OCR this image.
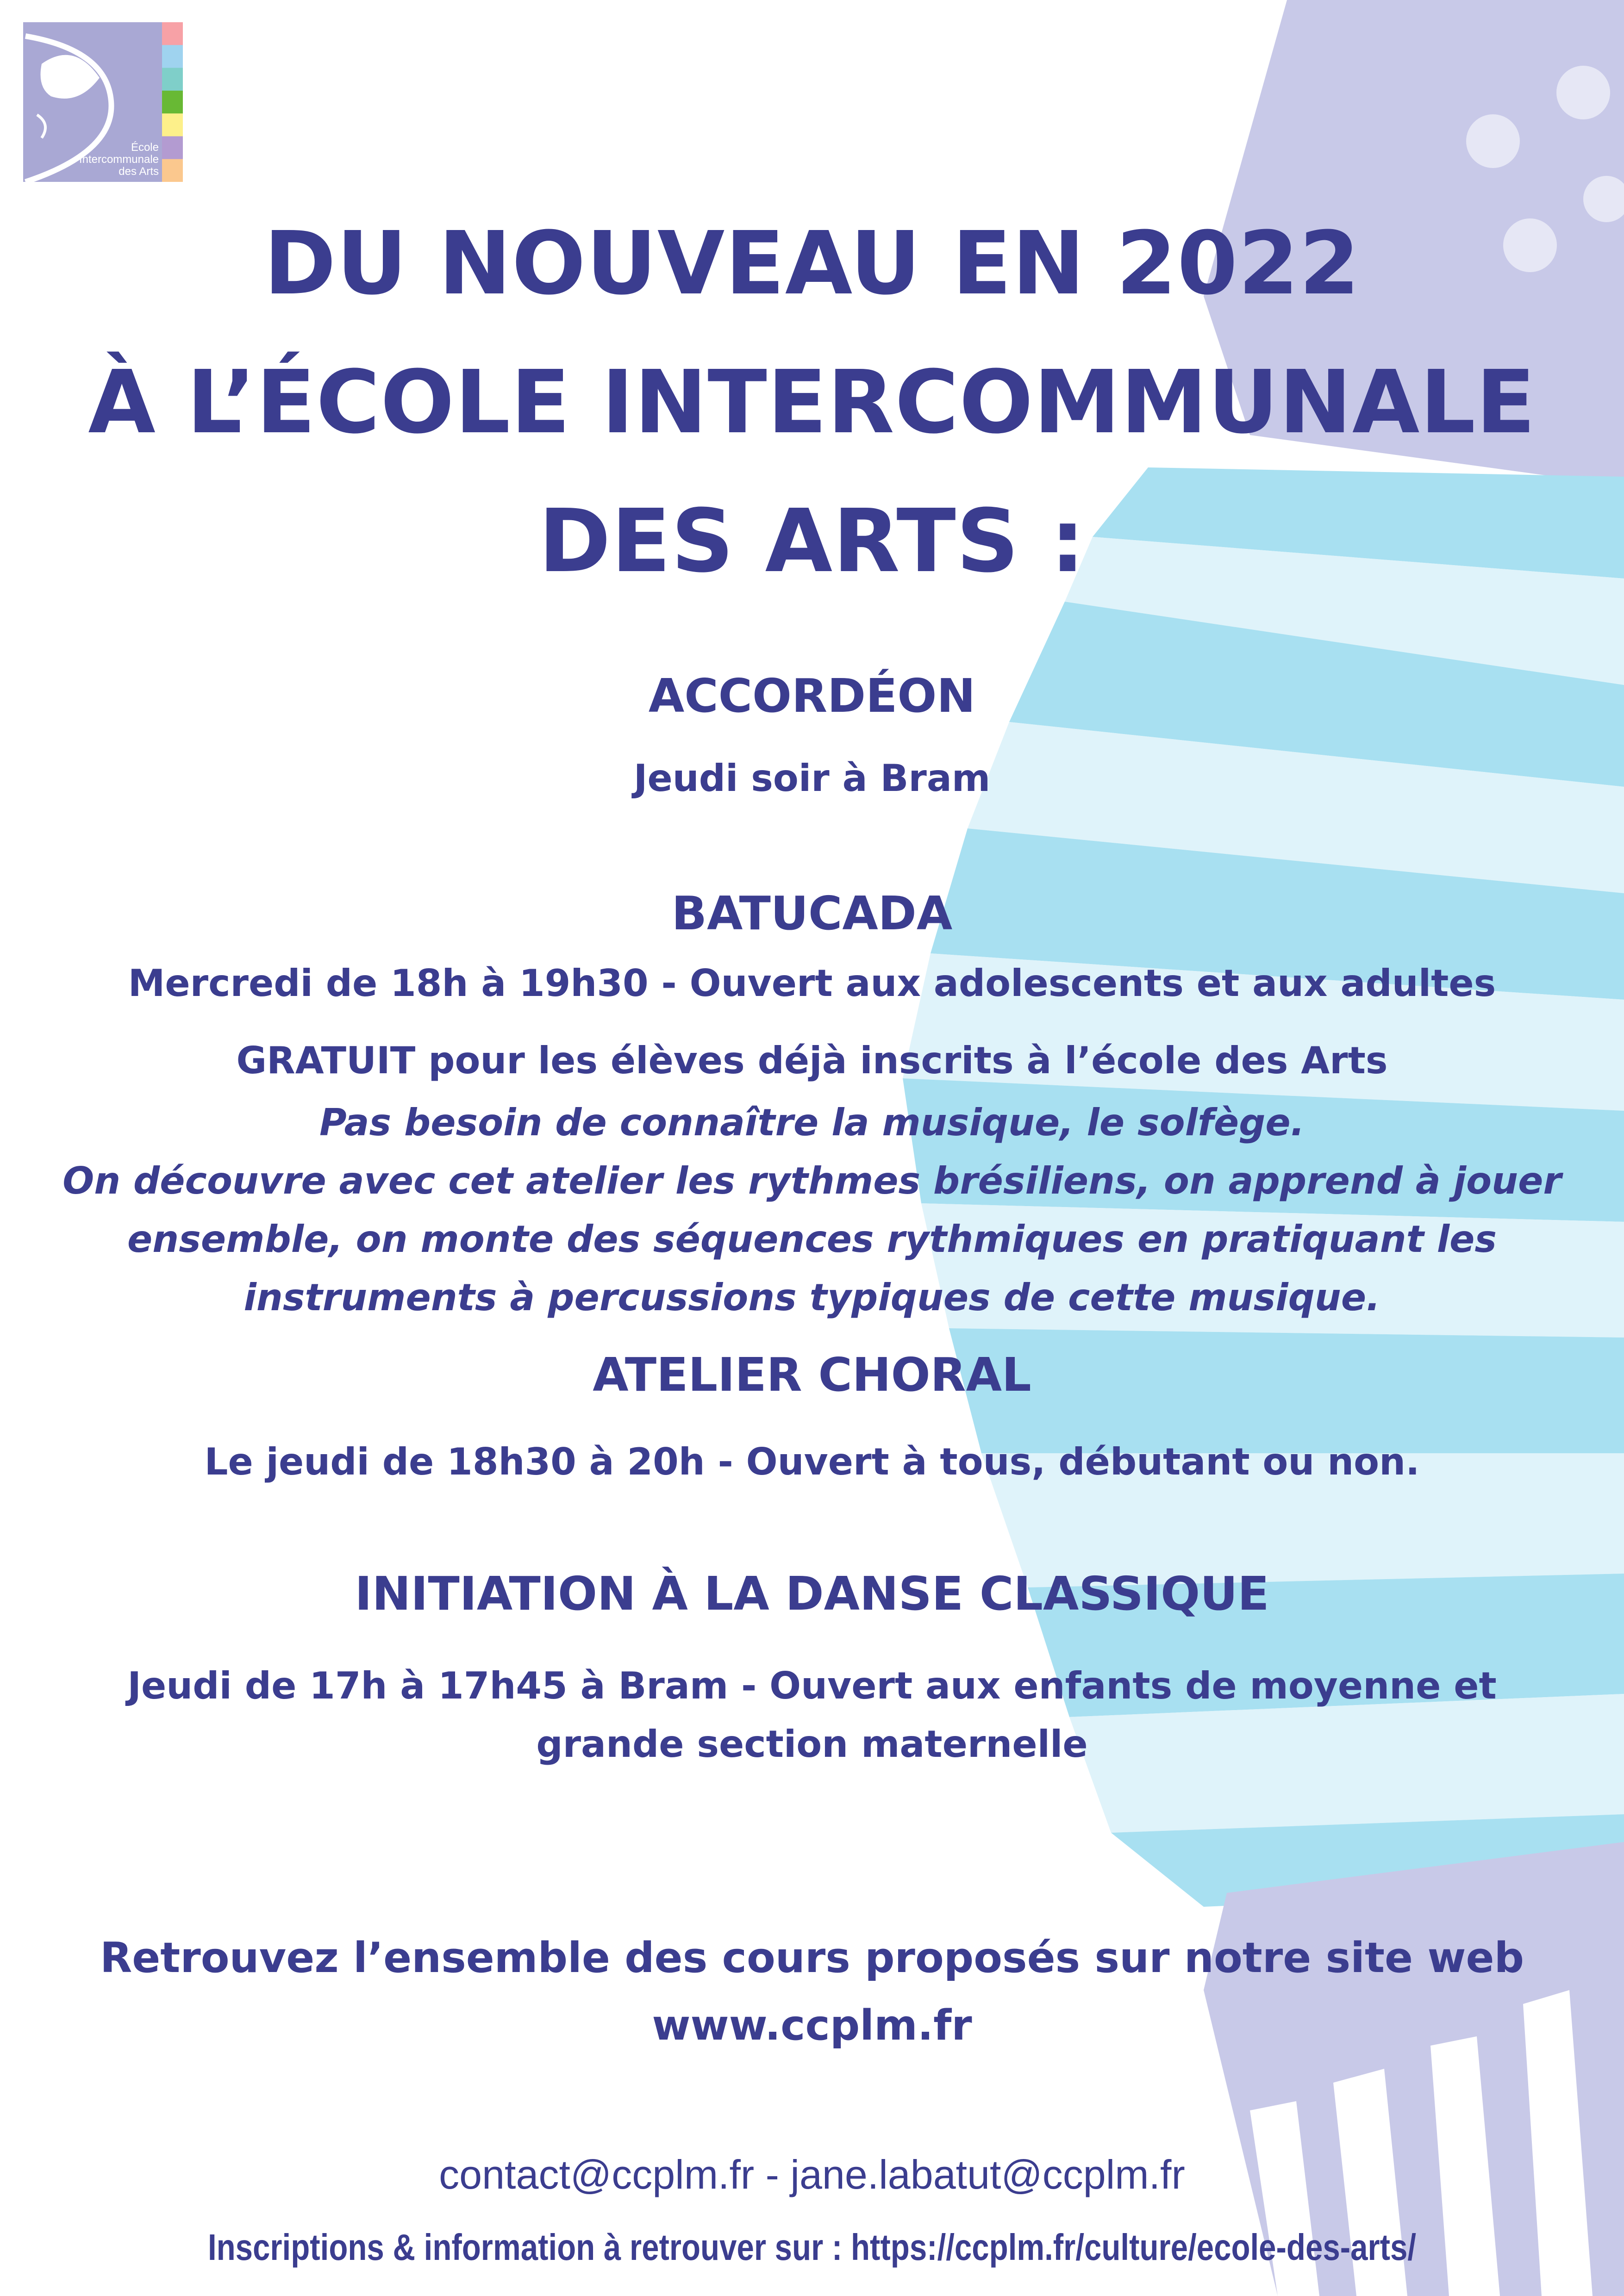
École
Intercommunale
des Arts
DU NOUVEAU EN 2022
À L’ÉCOLE INTERCOMMUNALE
DES ARTS :
ACCORDÉON
Jeudi soir à Bram
BATUCADA
Mercredi de 18h à 19h30 - Ouvert aux adolescents et aux adultes
GRATUIT pour les élèves déjà inscrits à l’école des Arts
Pas besoin de connaître la musique, le solfège.
On découvre avec cet atelier les rythmes brésiliens, on apprend à jouer
ensemble, on monte des séquences rythmiques en pratiquant les
instruments à percussions typiques de cette musique.
ATELIER CHORAL
Le jeudi de 18h30 à 20h - Ouvert à tous, débutant ou non.
INITIATION À LA DANSE CLASSIQUE
Jeudi de 17h à 17h45 à Bram - Ouvert aux enfants de moyenne et
grande section maternelle
Retrouvez l’ensemble des cours proposés sur notre site web
www.ccplm.fr
contact@ccplm.fr - jane.labatut@ccplm.fr
Inscriptions & information à retrouver sur : https://ccplm.fr/culture/ecole-des-arts/
